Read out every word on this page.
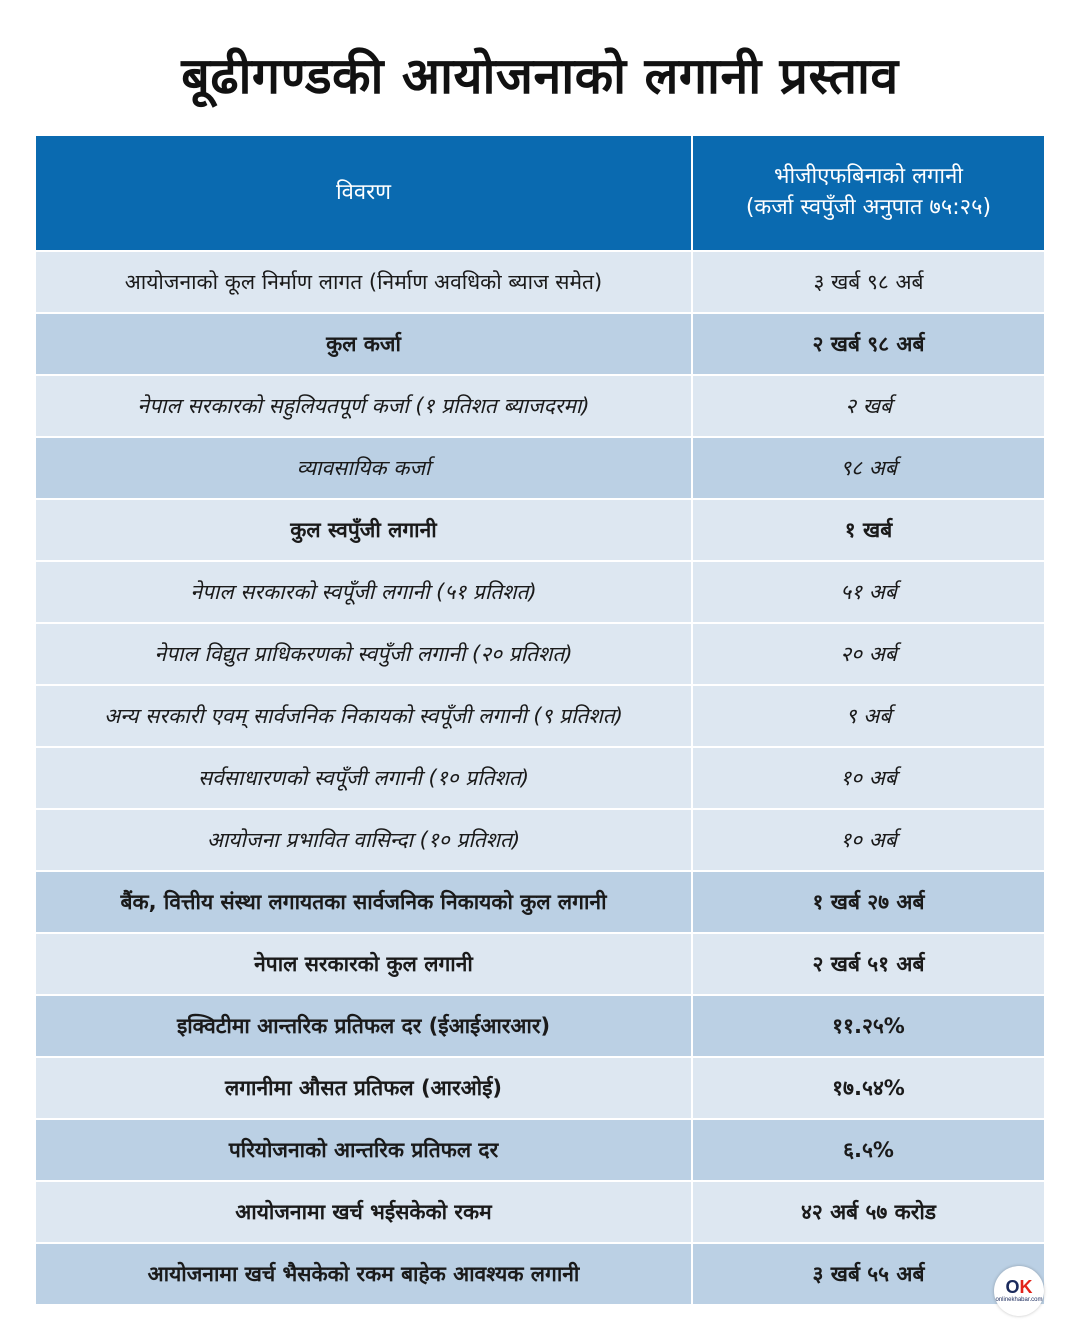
बूढीगण्डकी आयोजनाको लगानी प्रस्ताव
विवरण	भीजीएफबिनाको लगानी
(कर्जा स्वपुँजी अनुपात ७५:२५)
आयोजनाको कूल निर्माण लागत (निर्माण अवधिको ब्याज समेत)	३ खर्ब ९८ अर्ब
कुल कर्जा	२ खर्ब ९८ अर्ब
नेपाल सरकारको सहुलियतपूर्ण कर्जा (१ प्रतिशत ब्याजदरमा)	२ खर्ब
व्यावसायिक कर्जा	९८ अर्ब
कुल स्वपुँजी लगानी	१ खर्ब
नेपाल सरकारको स्वपूँजी लगानी (५१ प्रतिशत)	५१ अर्ब
नेपाल विद्युत प्राधिकरणको स्वपुँजी लगानी (२० प्रतिशत)	२० अर्ब
अन्य सरकारी एवम् सार्वजनिक निकायको स्वपूँजी लगानी (९ प्रतिशत)	९ अर्ब
सर्वसाधारणको स्वपूँजी लगानी (१० प्रतिशत)	१० अर्ब
आयोजना प्रभावित वासिन्दा (१० प्रतिशत)	१० अर्ब
बैंक, वित्तीय संस्था लगायतका सार्वजनिक निकायको कुल लगानी	१ खर्ब २७ अर्ब
नेपाल सरकारको कुल लगानी	२ खर्ब ५१ अर्ब
इक्विटीमा आन्तरिक प्रतिफल दर (ईआईआरआर)	११.२५%
लगानीमा औसत प्रतिफल (आरओई)	१७.५४%
परियोजनाको आन्तरिक प्रतिफल दर	६.५%
आयोजनामा खर्च भईसकेको रकम	४२ अर्ब ५७ करोड
आयोजनामा खर्च भैसकेको रकम बाहेक आवश्यक लगानी	३ खर्ब ५५ अर्ब
OK
onlinekhabar.com
